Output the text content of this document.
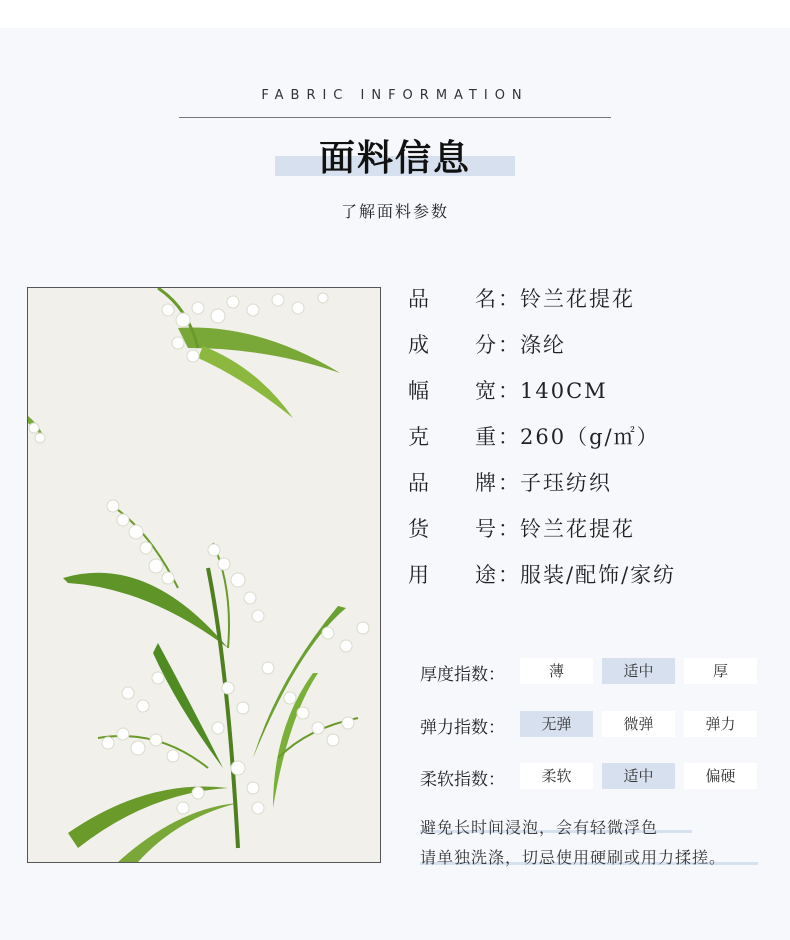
FABRIC INFORMATION
面料信息
了解面料参数
品名：铃兰花提花
成分：涤纶
幅宽：140CM
克重：260（g/㎡）
品牌：子珏纺织
货号：铃兰花提花
用途：服装/配饰/家纺
厚度指数：	薄	适中	厚
弹力指数：	无弹	微弹	弹力
柔软指数：	柔软	适中	偏硬
避免长时间浸泡，会有轻微浮色
请单独洗涤，切忌使用硬刷或用力揉搓。
